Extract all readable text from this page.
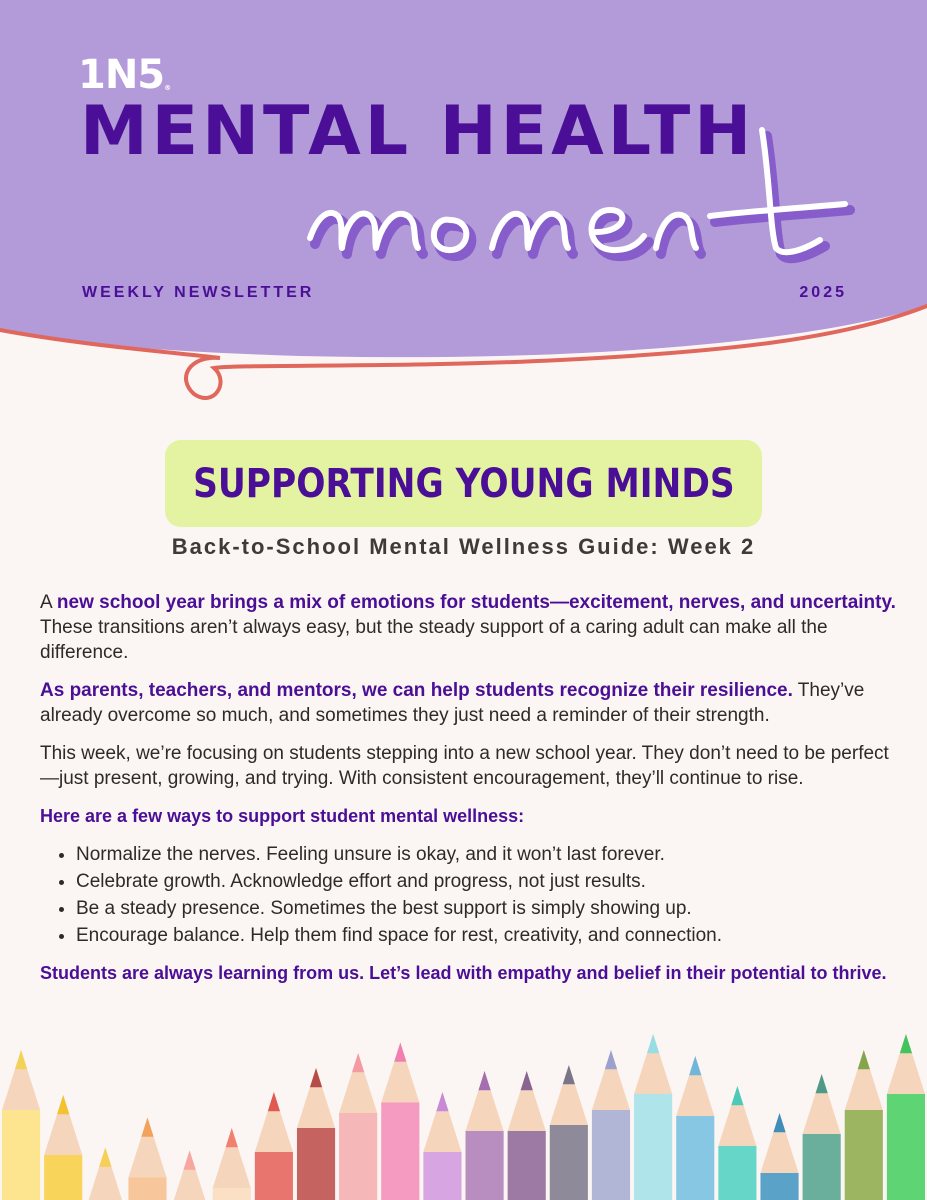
1N5®
MENTAL HEALTH

WEEKLY NEWSLETTER	2025

SUPPORTING YOUNG MINDS

Back-to-School Mental Wellness Guide: Week 2

A new school year brings a mix of emotions for students—excitement, nerves, and uncertainty. These transitions aren’t always easy, but the steady support of a caring adult can make all the difference.

As parents, teachers, and mentors, we can help students recognize their resilience. They’ve already overcome so much, and sometimes they just need a reminder of their strength.

This week, we’re focusing on students stepping into a new school year. They don’t need to be perfect—just present, growing, and trying. With consistent encouragement, they’ll continue to rise.

Here are a few ways to support student mental wellness:

• Normalize the nerves. Feeling unsure is okay, and it won’t last forever.
• Celebrate growth. Acknowledge effort and progress, not just results.
• Be a steady presence. Sometimes the best support is simply showing up.
• Encourage balance. Help them find space for rest, creativity, and connection.

Students are always learning from us. Let’s lead with empathy and belief in their potential to thrive.
